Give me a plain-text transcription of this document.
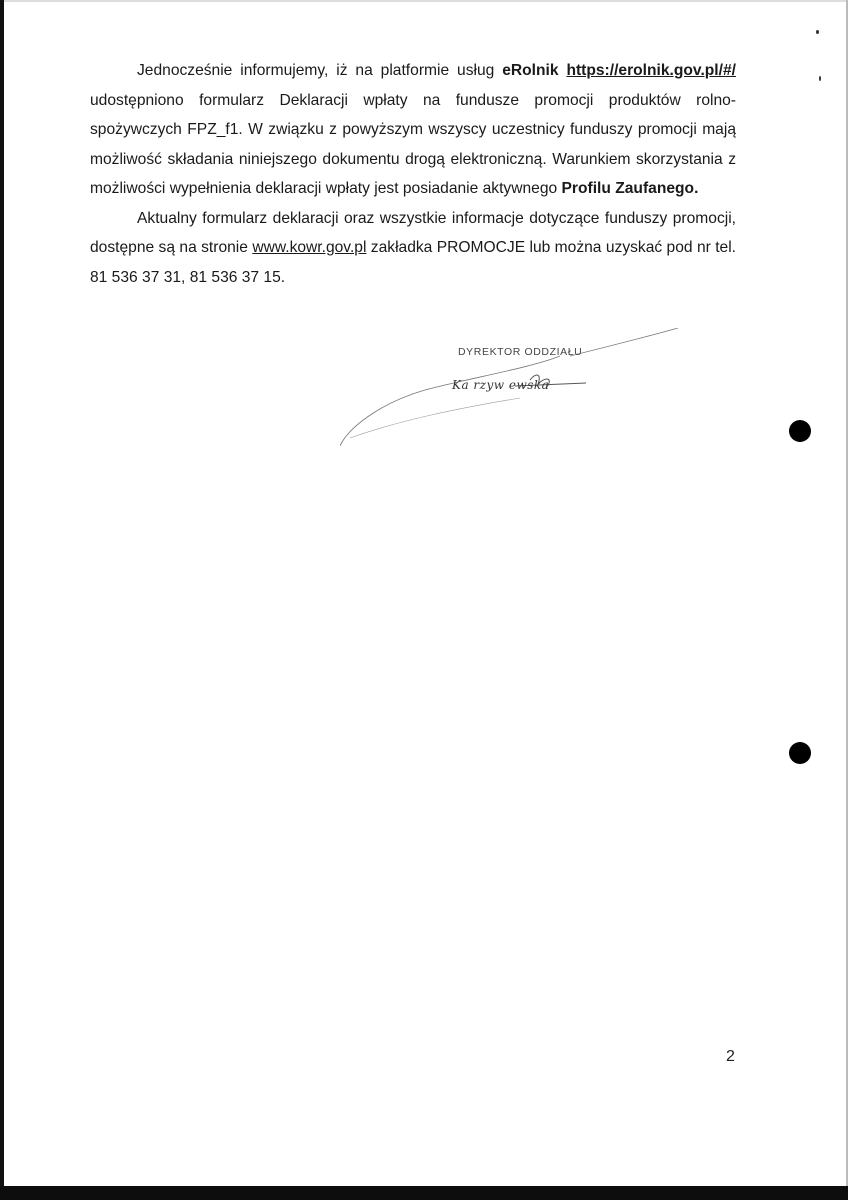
Jednocześnie informujemy, iż na platformie usług eRolnik https://erolnik.gov.pl/#/ udostępniono formularz Deklaracji wpłaty na fundusze promocji produktów rolno-spożywczych FPZ_f1. W związku z powyższym wszyscy uczestnicy funduszy promocji mają możliwość składania niniejszego dokumentu drogą elektroniczną. Warunkiem skorzystania z możliwości wypełnienia deklaracji wpłaty jest posiadanie aktywnego Profilu Zaufanego.

Aktualny formularz deklaracji oraz wszystkie informacje dotyczące funduszy promocji, dostępne są na stronie www.kowr.gov.pl zakładka PROMOCJE lub można uzyskać pod nr tel. 81 536 37 31, 81 536 37 15.

DYREKTOR ODDZIAŁU
Ka rzyw ewska
2
